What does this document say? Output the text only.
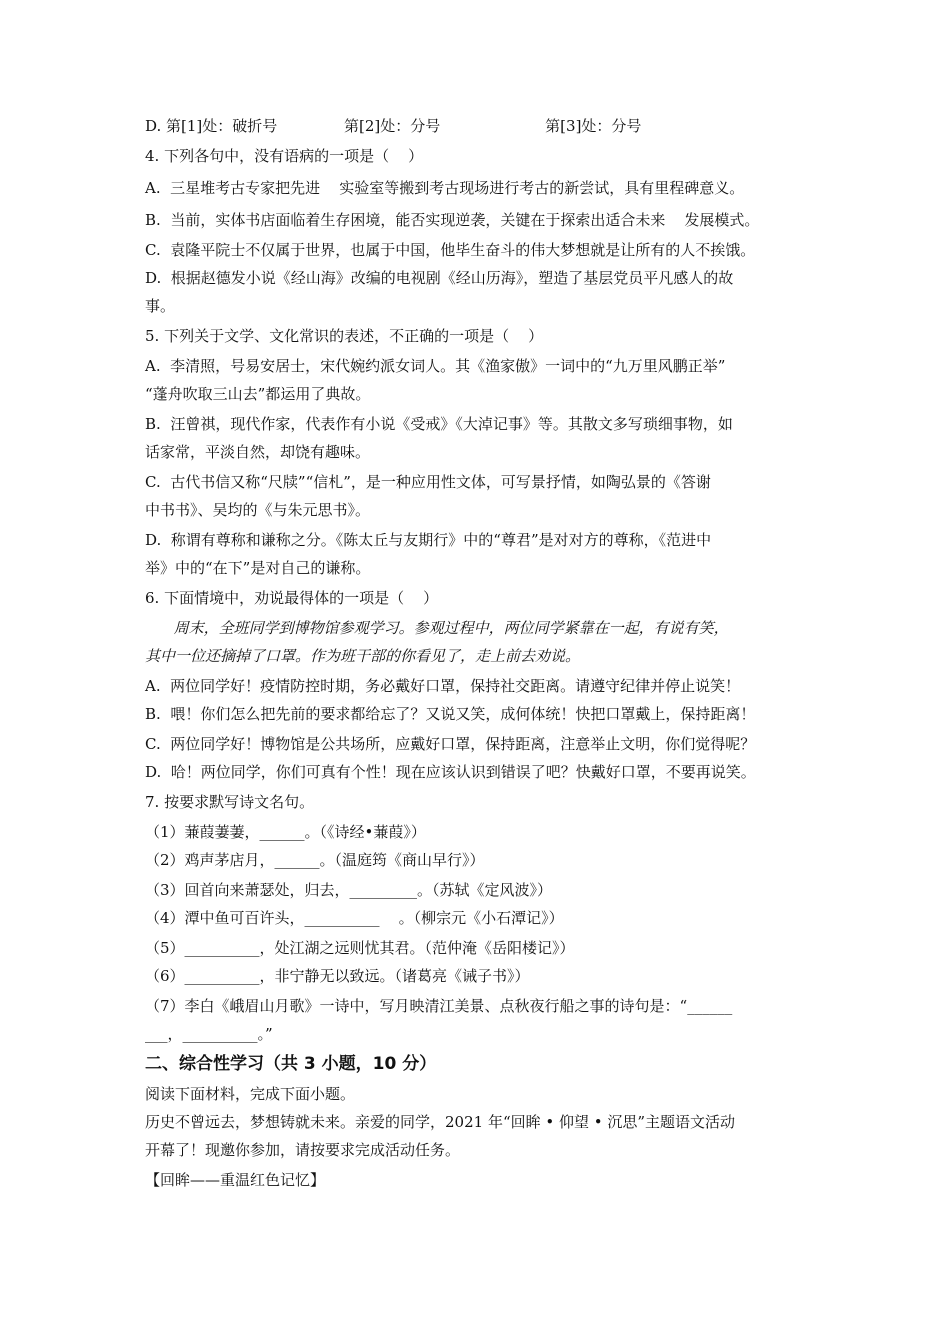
D. 第[1]处：破折号              第[2]处：分号                      第[3]处：分号
4. 下列各句中，没有语病的一项是（    ）
A.  三星堆考古专家把先进    实验室等搬到考古现场进行考古的新尝试，具有里程碑意义。
B.  当前，实体书店面临着生存困境，能否实现逆袭，关键在于探索出适合未来    发展模式。
C.  袁隆平院士不仅属于世界，也属于中国，他毕生奋斗的伟大梦想就是让所有的人不挨饿。
D.  根据赵德发小说《经山海》改编的电视剧《经山历海》，塑造了基层党员平凡感人的故
事。
5. 下列关于文学、文化常识的表述，不正确的一项是（    ）
A.  李清照，号易安居士，宋代婉约派女词人。其《渔家傲》一词中的“九万里风鹏正举”
“蓬舟吹取三山去”都运用了典故。
B.  汪曾祺，现代作家，代表作有小说《受戒》《大淖记事》等。其散文多写琐细事物，如
话家常，平淡自然，却饶有趣味。
C.  古代书信又称“尺牍”“信札”，是一种应用性文体，可写景抒情，如陶弘景的《答谢
中书书》、吴均的《与朱元思书》。
D.  称谓有尊称和谦称之分。《陈太丘与友期行》中的“尊君”是对对方的尊称，《范进中
举》中的“在下”是对自己的谦称。
6. 下面情境中，劝说最得体的一项是（    ）
周末，全班同学到博物馆参观学习。参观过程中，两位同学紧靠在一起，有说有笑，
其中一位还摘掉了口罩。作为班干部的你看见了，走上前去劝说。
A.  两位同学好！疫情防控时期，务必戴好口罩，保持社交距离。请遵守纪律并停止说笑！
B.  喂！你们怎么把先前的要求都给忘了？又说又笑，成何体统！快把口罩戴上，保持距离！
C.  两位同学好！博物馆是公共场所，应戴好口罩，保持距离，注意举止文明，你们觉得呢？
D.  哈！两位同学，你们可真有个性！现在应该认识到错误了吧？快戴好口罩，不要再说笑。
7. 按要求默写诗文名句。
（1）蒹葭萋萋，______。（《诗经•蒹葭》）
（2）鸡声茅店月，______。（温庭筠《商山早行》）
（3）回首向来萧瑟处，归去，_________。（苏轼《定风波》）
（4）潭中鱼可百许头，__________    。（柳宗元《小石潭记》）
（5）__________，处江湖之远则忧其君。（范仲淹《岳阳楼记》）
（6）__________，非宁静无以致远。（诸葛亮《诫子书》）
（7）李白《峨眉山月歌》一诗中，写月映清江美景、点秋夜行船之事的诗句是：“______
___，__________。”
二、综合性学习（共 3 小题，10 分）
阅读下面材料，完成下面小题。
历史不曾远去，梦想铸就未来。亲爱的同学，2021 年“回眸 • 仰望 • 沉思”主题语文活动
开幕了！现邀你参加，请按要求完成活动任务。
【回眸——重温红色记忆】
